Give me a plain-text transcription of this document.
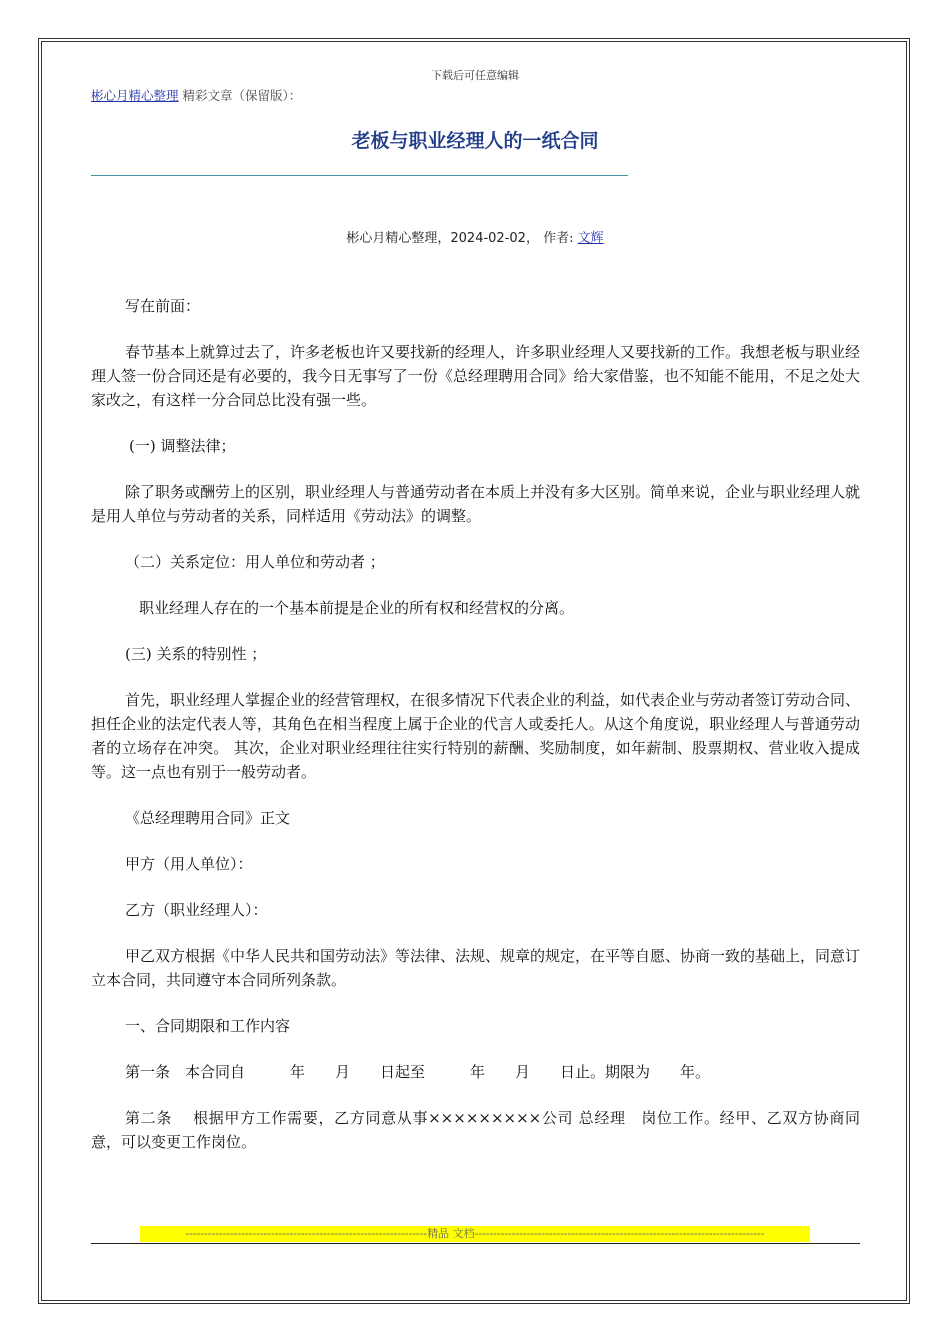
下载后可任意编辑
彬心月精心整理 精彩文章（保留版）：
老板与职业经理人的一纸合同
彬心月精心整理，2024-02-02， 作者: 文辉

写在前面：

春节基本上就算过去了，许多老板也许又要找新的经理人，许多职业经理人又要找新的工作。我想老板与职业经理人签一份合同还是有必要的，我今日无事写了一份《总经理聘用合同》给大家借鉴，也不知能不能用，不足之处大家改之，有这样一分合同总比没有强一些。

(一) 调整法律；

除了职务或酬劳上的区别，职业经理人与普通劳动者在本质上并没有多大区别。简单来说，企业与职业经理人就是用人单位与劳动者的关系，同样适用《劳动法》的调整。

（二）关系定位：用人单位和劳动者 ；

职业经理人存在的一个基本前提是企业的所有权和经营权的分离。

(三) 关系的特别性 ；

首先，职业经理人掌握企业的经营管理权，在很多情况下代表企业的利益，如代表企业与劳动者签订劳动合同、担任企业的法定代表人等，其角色在相当程度上属于企业的代言人或委托人。从这个角度说，职业经理人与普通劳动者的立场存在冲突。 其次，企业对职业经理往往实行特别的薪酬、奖励制度，如年薪制、股票期权、营业收入提成等。这一点也有别于一般劳动者。

《总经理聘用合同》正文

甲方（用人单位）：

乙方（职业经理人）：

甲乙双方根据《中华人民共和国劳动法》等法律、法规、规章的规定，在平等自愿、协商一致的基础上，同意订立本合同，共同遵守本合同所列条款。

一、合同期限和工作内容

第一条　本合同自　　　年　　月　　日起至　　　年　　月　　日止。期限为　　年。

第二条　 根据甲方工作需要，乙方同意从事×××××××××公司 总经理　岗位工作。经甲、乙双方协商同意，可以变更工作岗位。

-----------------------------------------------------------------精品 文档------------------------------------------------------------------------------
